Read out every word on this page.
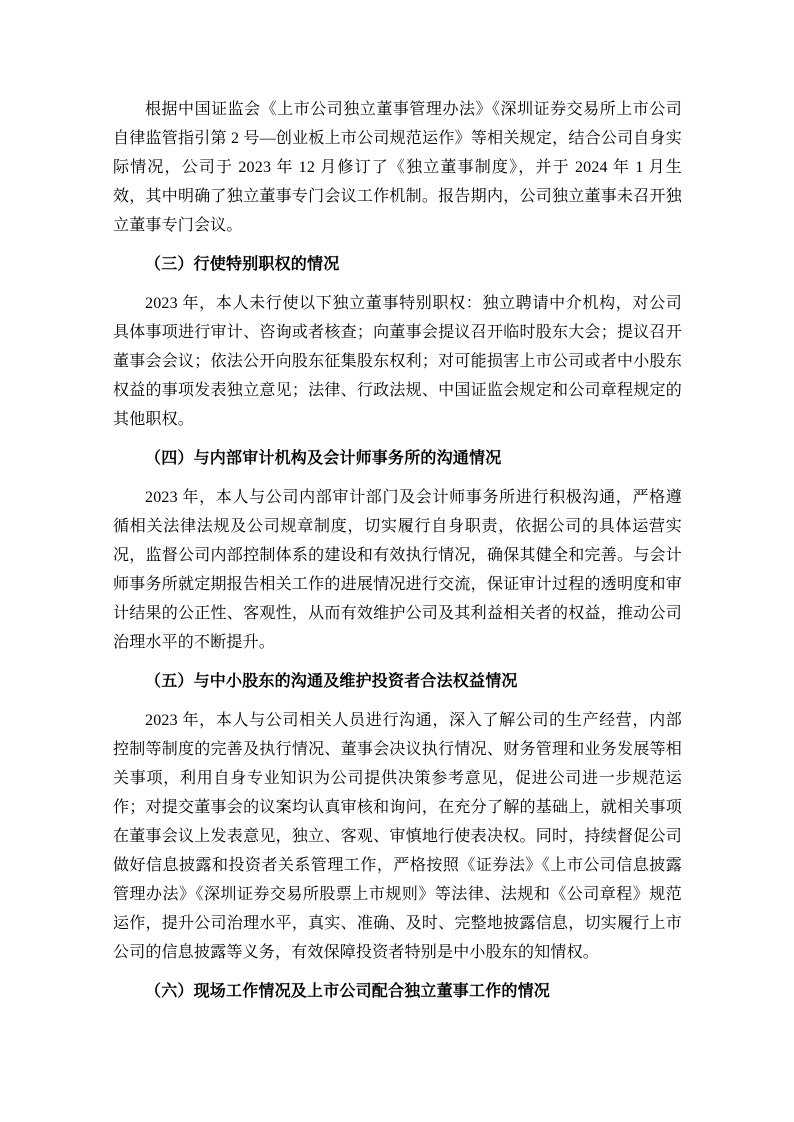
根据中国证监会《上市公司独立董事管理办法》《深圳证券交易所上市公司自律监管指引第 2 号—创业板上市公司规范运作》等相关规定，结合公司自身实际情况，公司于 2023 年 12 月修订了《独立董事制度》，并于 2024 年 1 月生效，其中明确了独立董事专门会议工作机制。报告期内，公司独立董事未召开独立董事专门会议。

（三）行使特别职权的情况

2023 年，本人未行使以下独立董事特别职权：独立聘请中介机构，对公司具体事项进行审计、咨询或者核查；向董事会提议召开临时股东大会；提议召开董事会会议；依法公开向股东征集股东权利；对可能损害上市公司或者中小股东权益的事项发表独立意见；法律、行政法规、中国证监会规定和公司章程规定的其他职权。

（四）与内部审计机构及会计师事务所的沟通情况

2023 年，本人与公司内部审计部门及会计师事务所进行积极沟通，严格遵循相关法律法规及公司规章制度，切实履行自身职责，依据公司的具体运营实况，监督公司内部控制体系的建设和有效执行情况，确保其健全和完善。与会计师事务所就定期报告相关工作的进展情况进行交流，保证审计过程的透明度和审计结果的公正性、客观性，从而有效维护公司及其利益相关者的权益，推动公司治理水平的不断提升。

（五）与中小股东的沟通及维护投资者合法权益情况

2023 年，本人与公司相关人员进行沟通，深入了解公司的生产经营，内部控制等制度的完善及执行情况、董事会决议执行情况、财务管理和业务发展等相关事项，利用自身专业知识为公司提供决策参考意见，促进公司进一步规范运作；对提交董事会的议案均认真审核和询问，在充分了解的基础上，就相关事项在董事会议上发表意见，独立、客观、审慎地行使表决权。同时，持续督促公司做好信息披露和投资者关系管理工作，严格按照《证券法》《上市公司信息披露管理办法》《深圳证券交易所股票上市规则》等法律、法规和《公司章程》规范运作，提升公司治理水平，真实、准确、及时、完整地披露信息，切实履行上市公司的信息披露等义务，有效保障投资者特别是中小股东的知情权。

（六）现场工作情况及上市公司配合独立董事工作的情况
